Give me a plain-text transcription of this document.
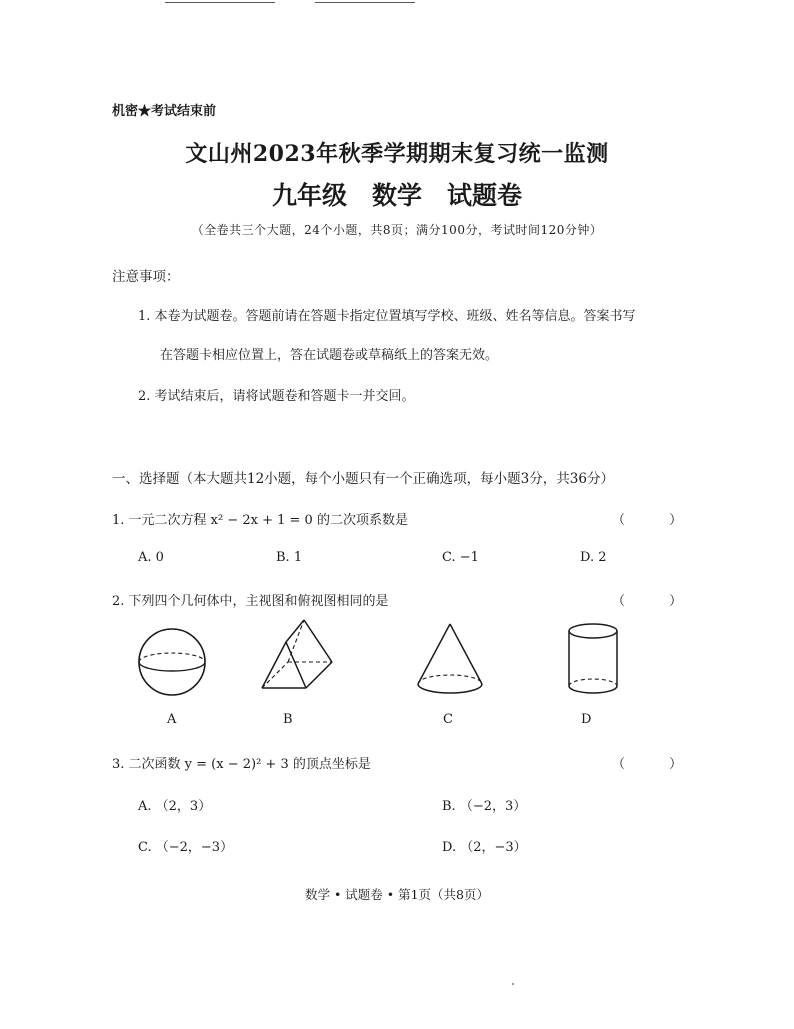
机密★考试结束前
文山州2023年秋季学期期末复习统一监测
九年级　数学　试题卷
（全卷共三个大题，24个小题，共8页；满分100分，考试时间120分钟）
注意事项：
1. 本卷为试题卷。答题前请在答题卡指定位置填写学校、班级、姓名等信息。答案书写
在答题卡相应位置上，答在试题卷或草稿纸上的答案无效。
2. 考试结束后，请将试题卷和答题卡一并交回。
一、选择题（本大题共12小题，每个小题只有一个正确选项，每小题3分，共36分）
1. 一元二次方程 x² − 2x + 1 = 0 的二次项系数是	（ ）
A. 0	B. 1	C. −1	D. 2
2. 下列四个几何体中，主视图和俯视图相同的是	（ ）
A	B	C	D
3. 二次函数 y = (x − 2)² + 3 的顶点坐标是	（ ）
A. （2，3）	B. （−2，3）
C. （−2，−3）	D. （2，−3）
数学 • 试题卷 • 第1页（共8页）
